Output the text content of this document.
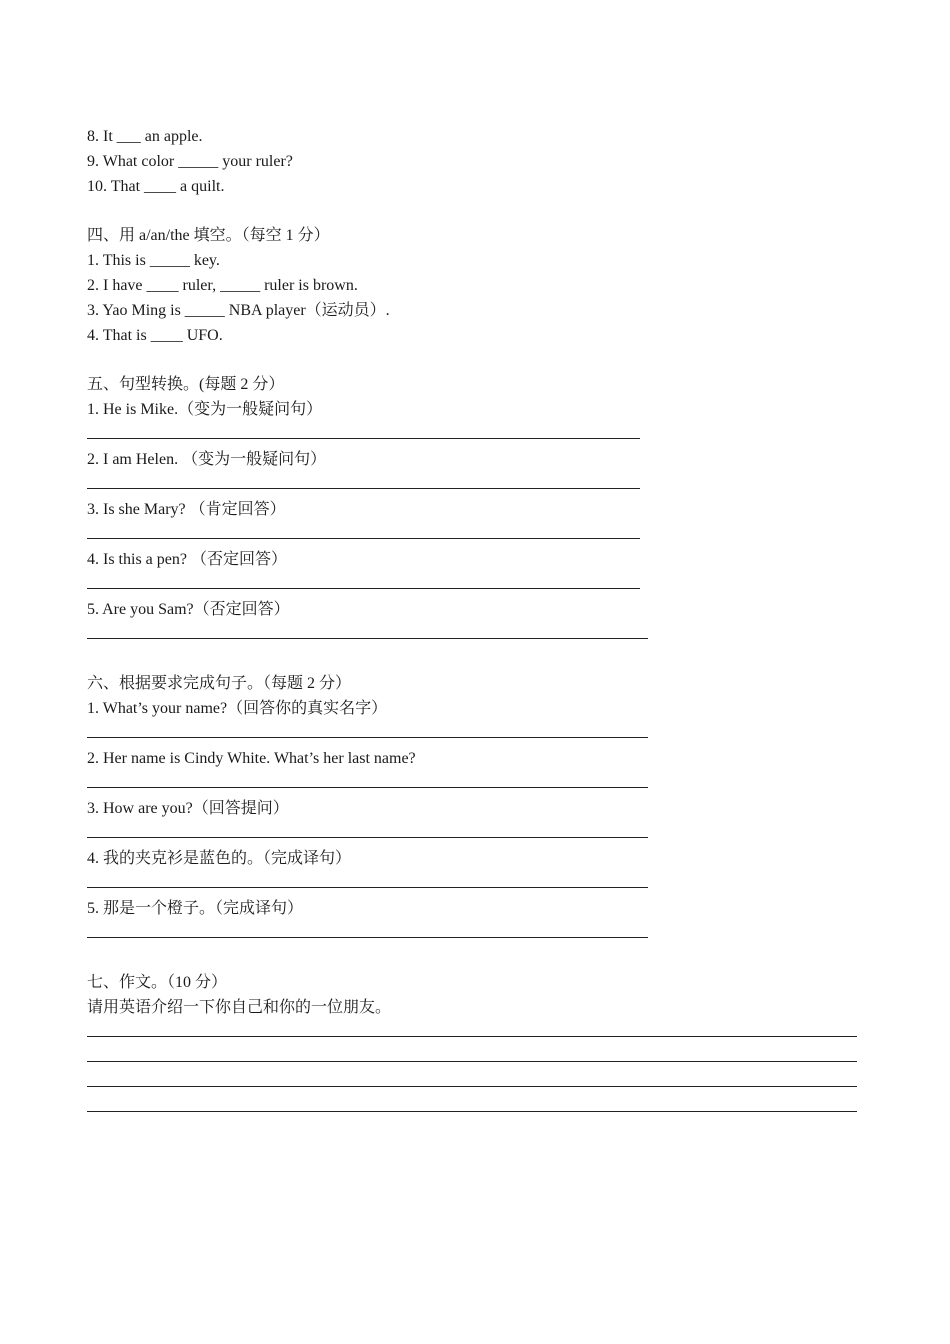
8. It ___ an apple.
9. What color _____ your ruler?
10. That ____ a quilt.
四、用 a/an/the 填空。（每空 1 分）
1. This is _____ key.
2. I have ____ ruler, _____ ruler is brown.
3. Yao Ming is _____ NBA player（运动员）.
4. That is ____ UFO.
五、句型转换。(每题 2 分）
1. He is Mike.（变为一般疑问句）
2. I am Helen. （变为一般疑问句）
3. Is she Mary? （肯定回答）
4. Is this a pen? （否定回答）
5. Are you Sam?（否定回答）
六、根据要求完成句子。（每题 2 分）
1. What’s your name?（回答你的真实名字）
2. Her name is Cindy White. What’s her last name?
3. How are you?（回答提问）
4. 我的夹克衫是蓝色的。（完成译句）
5. 那是一个橙子。（完成译句）
七、作文。（10 分）
请用英语介绍一下你自己和你的一位朋友。
